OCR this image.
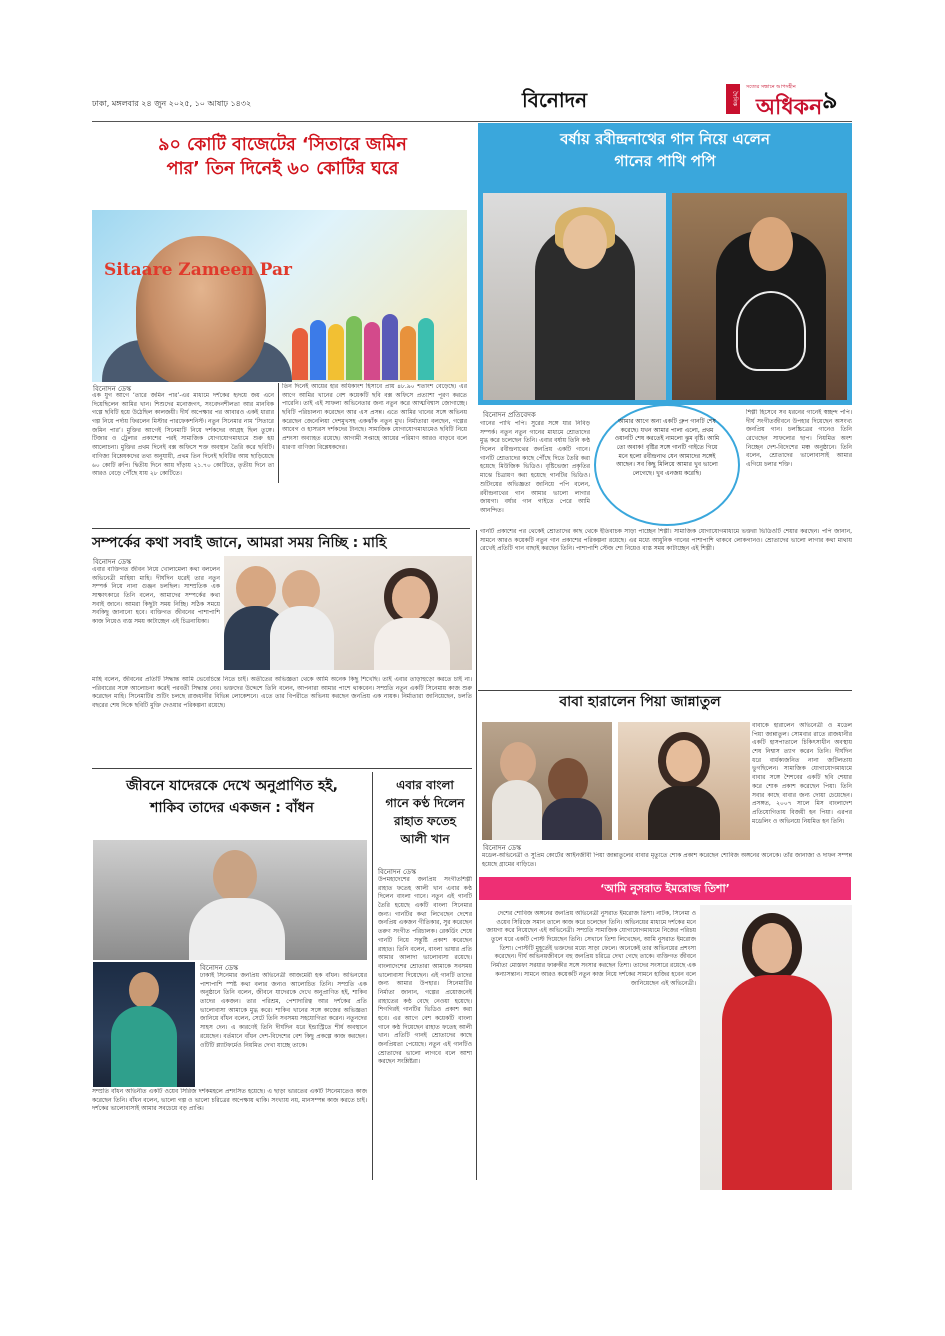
ঢাকা, মঙ্গলবার ২৪ জুন ২০২৫, ১০ আষাঢ় ১৪৩২	বিনোদন	দৈনিক
সত্যের সন্ধানে আপসহীন
অধিকন ৯
৯০ কোটি বাজেটের ‘সিতারে জমিন
পার’ তিন দিনেই ৬০ কোটির ঘরে
Sitaare Zameen Par
বিনোদন ডেস্ক
এক যুগ আগে ‘তারে জমিন পার’-এর মাধ্যমে দর্শকের হৃদয়ে জয় এনে দিয়েছিলেন আমির খান। শিশুদের মনোজগৎ, সংবেদনশীলতা আর মানবিক গল্পে ছবিটি হয়ে উঠেছিল কালজয়ী। দীর্ঘ অপেক্ষার পর আবারও একই ধারার গল্প নিয়ে পর্দায় ফিরলেন মিস্টার পারফেকশনিস্ট। নতুন সিনেমার নাম ‘সিতারে জমিন পার’। মুক্তির আগেই সিনেমাটি নিয়ে দর্শকদের আগ্রহ ছিল তুঙ্গে। টিজার ও ট্রেলার প্রকাশের পরই সামাজিক যোগাযোগমাধ্যমে শুরু হয় আলোচনা। মুক্তির প্রথম দিনেই বক্স অফিসে শক্ত অবস্থান তৈরি করে ছবিটি। বাণিজ্য বিশ্লেষকদের তথ্য অনুযায়ী, প্রথম তিন দিনেই ছবিটির আয় ছাড়িয়েছে ৬০ কোটি রুপি। দ্বিতীয় দিনে আয় দাঁড়ায় ২১.৭০ কোটিতে, তৃতীয় দিনে তা আরও বেড়ে পৌঁছে যায় ২৮ কোটিতে।
তিন দিনেই আয়ের হার অধিকাংশ হিসাবে প্রায় ৪৮.৯০ শতাংশ বেড়েছে। এর আগে আমির খানের বেশ কয়েকটি ছবি বক্স অফিসে প্রত্যাশা পূরণ করতে পারেনি। তাই এই সাফল্য অভিনেতার জন্য নতুন করে আত্মবিশ্বাস জোগাচ্ছে। ছবিটি পরিচালনা করেছেন আর এস প্রসন্ন। এতে আমির খানের সঙ্গে অভিনয় করেছেন জেনেলিয়া দেশমুখসহ একঝাঁক নতুন মুখ। নির্মাতারা বলছেন, গল্পের আবেগ ও হাস্যরস দর্শকদের টানছে। সামাজিক যোগাযোগমাধ্যমেও ছবিটি নিয়ে প্রশংসা অব্যাহত রয়েছে। আগামী সপ্তাহে আয়ের পরিমাণ আরও বাড়বে বলে ধারণা বাণিজ্য বিশ্লেষকদের।
বর্ষায় রবীন্দ্রনাথের গান নিয়ে এলেন
গানের পাখি পপি
বিনোদন প্রতিবেদক
গানের পাখি পপি। সুরের সঙ্গে যার নিবিড় সম্পর্ক। নতুন নতুন গানের মাধ্যমে শ্রোতাদের মুগ্ধ করে চলেছেন তিনি। এবার বর্ষায় তিনি কণ্ঠ দিলেন রবীন্দ্রনাথের জনপ্রিয় একটি গানে। গানটি শ্রোতাদের কাছে পৌঁছে দিতে তৈরি করা হয়েছে মিউজিক ভিডিও। বৃষ্টিভেজা প্রকৃতির মাঝে চিত্রায়ণ করা হয়েছে গানটির ভিডিও। শুটিংয়ের অভিজ্ঞতা জানিয়ে পপি বলেন, রবীন্দ্রনাথের গান আমার ভালো লাগার জায়গা। বর্ষার গান গাইতে পেরে আমি আনন্দিত।
আমার আগে অন্য একটি গ্রুপ গানটি শেষ করেছে। যখন আমার পালা এলো, প্রথম ওয়ানটি শেষ করতেই নামলো ঝুম বৃষ্টি। আমি তো অবাক! বৃষ্টির সঙ্গে গানটি গাইতে গিয়ে মনে হলো রবীন্দ্রনাথ যেন আমাদের সঙ্গেই আছেন। সব কিছু মিলিয়ে আমার খুব ভালো লেগেছে। খুব এনজয় করেছি।
শিল্পী হিসেবে সব ধরনের গানেই স্বচ্ছন্দ পপি। দীর্ঘ সংগীতজীবনে উপহার দিয়েছেন অসংখ্য জনপ্রিয় গান। চলচ্চিত্রের গানেও তিনি রেখেছেন সাফল্যের ছাপ। নিয়মিত অংশ নিচ্ছেন দেশ-বিদেশের মঞ্চ অনুষ্ঠানে। তিনি বলেন, শ্রোতাদের ভালোবাসাই আমার এগিয়ে চলার শক্তি।
গানটি প্রকাশের পর থেকেই শ্রোতাদের কাছ থেকে ইতিবাচক সাড়া পাচ্ছেন শিল্পী। সামাজিক যোগাযোগমাধ্যমে ভক্তরা ভিডিওটি শেয়ার করছেন। পপি জানান, সামনে আরও কয়েকটি নতুন গান প্রকাশের পরিকল্পনা রয়েছে। এর মধ্যে আধুনিক গানের পাশাপাশি থাকবে লোকগানও। শ্রোতাদের ভালো লাগার কথা মাথায় রেখেই প্রতিটি গান বাছাই করছেন তিনি। পাশাপাশি স্টেজ শো নিয়েও ব্যস্ত সময় কাটাচ্ছেন এই শিল্পী।
সম্পর্কের কথা সবাই জানে, আমরা সময় নিচ্ছি : মাহি
বিনোদন ডেস্ক
এবার ব্যক্তিগত জীবন নিয়ে খোলামেলা কথা বললেন অভিনেত্রী মাহিয়া মাহি। দীর্ঘদিন ধরেই তার নতুন সম্পর্ক নিয়ে নানা গুঞ্জন চলছিল। সাম্প্রতিক এক সাক্ষাৎকারে তিনি বলেন, আমাদের সম্পর্কের কথা সবাই জানে। আমরা কিছুটা সময় নিচ্ছি। সঠিক সময়ে সবকিছু জানানো হবে। ব্যক্তিগত জীবনের পাশাপাশি কাজ নিয়েও ব্যস্ত সময় কাটাচ্ছেন এই চিত্রনায়িকা।
মাহি বলেন, জীবনের প্রতিটি সিদ্ধান্ত আমি ভেবেচিন্তে নিতে চাই। অতীতের অভিজ্ঞতা থেকে আমি অনেক কিছু শিখেছি। তাই এবার তাড়াহুড়ো করতে চাই না। পরিবারের সঙ্গে আলোচনা করেই পরবর্তী সিদ্ধান্ত নেব। ভক্তদের উদ্দেশে তিনি বলেন, আপনারা আমার পাশে থাকবেন। সম্প্রতি নতুন একটি সিনেমায় কাজ শুরু করেছেন মাহি। সিনেমাটির শুটিং চলছে রাজধানীর বিভিন্ন লোকেশনে। এতে তার বিপরীতে অভিনয় করছেন জনপ্রিয় এক নায়ক। নির্মাতারা জানিয়েছেন, চলতি বছরের শেষ দিকে ছবিটি মুক্তি দেওয়ার পরিকল্পনা রয়েছে।
জীবনে যাদেরকে দেখে অনুপ্রাণিত হই,
শাকিব তাদের একজন : বাঁধন
বিনোদন ডেস্ক
ঢাকাই সিনেমার জনপ্রিয় অভিনেত্রী আজমেরী হক বাঁধন। অভিনয়ের পাশাপাশি স্পষ্ট কথা বলার জন্যও আলোচিত তিনি। সম্প্রতি এক অনুষ্ঠানে তিনি বলেন, জীবনে যাদেরকে দেখে অনুপ্রাণিত হই, শাকিব তাদের একজন। তার পরিশ্রম, পেশাদারিত্ব আর দর্শকের প্রতি ভালোবাসা আমাকে মুগ্ধ করে। শাকিব খানের সঙ্গে কাজের অভিজ্ঞতা জানিয়ে বাঁধন বলেন, সেটে তিনি সবসময় সহযোগিতা করেন। নতুনদের সাহস দেন। এ কারণেই তিনি দীর্ঘদিন ধরে ইন্ডাস্ট্রিতে শীর্ষ অবস্থানে রয়েছেন। বর্তমানে বাঁধন দেশ-বিদেশের বেশ কিছু প্রকল্পে কাজ করছেন। ওটিটি প্ল্যাটফর্মেও নিয়মিত দেখা যাচ্ছে তাকে।
সম্প্রতি বাঁধন অভিনীত একটি ওয়েব সিরিজ দর্শকমহলে প্রশংসিত হয়েছে। এ ছাড়া ভারতের একটি সিনেমাতেও কাজ করেছেন তিনি। বাঁধন বলেন, ভালো গল্প ও ভালো চরিত্রের অপেক্ষায় থাকি। সংখ্যায় নয়, মানসম্পন্ন কাজ করতে চাই। দর্শকের ভালোবাসাই আমার সবচেয়ে বড় প্রাপ্তি।
এবার বাংলা
গানে কণ্ঠ দিলেন
রাহাত ফতেহ
আলী খান
বিনোদন ডেস্ক
উপমহাদেশের জনপ্রিয় সংগীতশিল্পী রাহাত ফতেহ আলী খান এবার কণ্ঠ দিলেন বাংলা গানে। নতুন এই গানটি তৈরি হয়েছে একটি বাংলা সিনেমার জন্য। গানটির কথা লিখেছেন দেশের জনপ্রিয় একজন গীতিকার, সুর করেছেন তরুণ সংগীত পরিচালক। রেকর্ডিং শেষে গানটি নিয়ে সন্তুষ্টি প্রকাশ করেছেন রাহাত। তিনি বলেন, বাংলা ভাষার প্রতি আমার আলাদা ভালোবাসা রয়েছে। বাংলাদেশের শ্রোতারা আমাকে সবসময় ভালোবাসা দিয়েছেন। এই গানটি তাদের জন্য আমার উপহার। সিনেমাটির নির্মাতা জানান, গল্পের প্রয়োজনেই রাহাতের কণ্ঠ বেছে নেওয়া হয়েছে। শিগগিরই গানটির ভিডিও প্রকাশ করা হবে। এর আগে বেশ কয়েকটি বাংলা গানে কণ্ঠ দিয়েছেন রাহাত ফতেহ আলী খান। প্রতিটি গানই শ্রোতাদের কাছে জনপ্রিয়তা পেয়েছে। নতুন এই গানটিও শ্রোতাদের ভালো লাগবে বলে আশা করছেন সংশ্লিষ্টরা।
বাবা হারালেন পিয়া জান্নাতুল
বিনোদন ডেস্ক
বাবাকে হারালেন অভিনেত্রী ও মডেল পিয়া জান্নাতুল। সোমবার রাতে রাজধানীর একটি হাসপাতালে চিকিৎসাধীন অবস্থায় শেষ নিশ্বাস ত্যাগ করেন তিনি। দীর্ঘদিন ধরে বার্ধক্যজনিত নানা জটিলতায় ভুগছিলেন। সামাজিক যোগাযোগমাধ্যমে বাবার সঙ্গে শৈশবের একটি ছবি শেয়ার করে শোক প্রকাশ করেছেন পিয়া। তিনি সবার কাছে বাবার জন্য দোয়া চেয়েছেন। প্রসঙ্গত, ২০০৭ সালে মিস বাংলাদেশ প্রতিযোগিতায় বিজয়ী হন পিয়া। এরপর মডেলিং ও অভিনয়ে নিয়মিত হন তিনি।
মডেল-অভিনেত্রী ও সুপ্রিম কোর্টের আইনজীবী পিয়া জান্নাতুলের বাবার মৃত্যুতে শোক প্রকাশ করেছেন শোবিজ অঙ্গনের অনেকে। তাঁর জানাজা ও দাফন সম্পন্ন হয়েছে গ্রামের বাড়িতে।
‘আমি নুসরাত ইমরোজ তিশা’
দেশের শোবিজ অঙ্গনের জনপ্রিয় অভিনেত্রী নুসরাত ইমরোজ তিশা। নাটক, সিনেমা ও ওয়েব সিরিজে সমান তালে কাজ করে চলেছেন তিনি। অভিনয়ের মাধ্যমে দর্শকের মনে জায়গা করে নিয়েছেন এই অভিনেত্রী। সম্প্রতি সামাজিক যোগাযোগমাধ্যমে নিজের পরিচয় তুলে ধরে একটি পোস্ট দিয়েছেন তিনি। সেখানে তিশা লিখেছেন, আমি নুসরাত ইমরোজ তিশা। পোস্টটি মুহূর্তেই ভক্তদের মধ্যে সাড়া ফেলে। অনেকেই তার অভিনয়ের প্রশংসা করেছেন। দীর্ঘ অভিনয়জীবনে বহু জনপ্রিয় চরিত্রে দেখা গেছে তাকে। ব্যক্তিগত জীবনে নির্মাতা মোস্তফা সরয়ার ফারুকীর সঙ্গে সংসার করছেন তিশা। তাদের সংসারে রয়েছে এক কন্যাসন্তান। সামনে আরও কয়েকটি নতুন কাজ নিয়ে দর্শকের সামনে হাজির হবেন বলে জানিয়েছেন এই অভিনেত্রী।
